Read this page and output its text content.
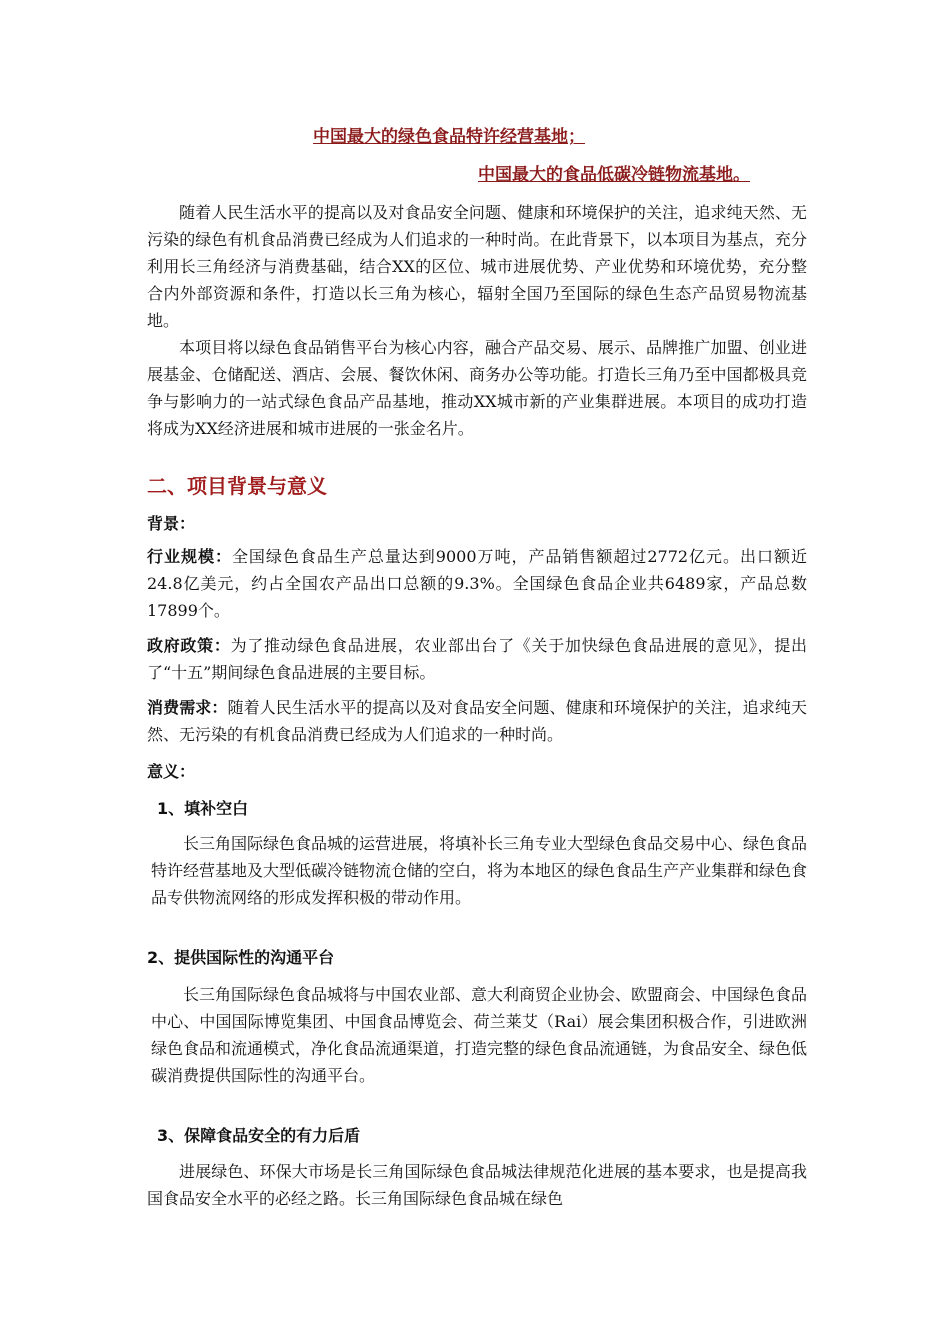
中国最大的绿色食品特许经营基地；
中国最大的食品低碳冷链物流基地。

随着人民生活水平的提高以及对食品安全问题、健康和环境保护的关注，追求纯天然、无污染的绿色有机食品消费已经成为人们追求的一种时尚。在此背景下，以本项目为基点，充分利用长三角经济与消费基础，结合XX的区位、城市进展优势、产业优势和环境优势，充分整合内外部资源和条件，打造以长三角为核心，辐射全国乃至国际的绿色生态产品贸易物流基地。

本项目将以绿色食品销售平台为核心内容，融合产品交易、展示、品牌推广加盟、创业进展基金、仓储配送、酒店、会展、餐饮休闲、商务办公等功能。打造长三角乃至中国都极具竞争与影响力的一站式绿色食品产品基地，推动XX城市新的产业集群进展。本项目的成功打造将成为XX经济进展和城市进展的一张金名片。

二、项目背景与意义
背景：

行业规模：全国绿色食品生产总量达到9000万吨，产品销售额超过2772亿元。出口额近24.8亿美元，约占全国农产品出口总额的9.3%。全国绿色食品企业共6489家，产品总数17899个。

政府政策：为了推动绿色食品进展，农业部出台了《关于加快绿色食品进展的意见》，提出了“十五”期间绿色食品进展的主要目标。

消费需求：随着人民生活水平的提高以及对食品安全问题、健康和环境保护的关注，追求纯天然、无污染的有机食品消费已经成为人们追求的一种时尚。

意义：
1、填补空白

长三角国际绿色食品城的运营进展，将填补长三角专业大型绿色食品交易中心、绿色食品特许经营基地及大型低碳冷链物流仓储的空白，将为本地区的绿色食品生产产业集群和绿色食品专供物流网络的形成发挥积极的带动作用。

2、提供国际性的沟通平台

长三角国际绿色食品城将与中国农业部、意大利商贸企业协会、欧盟商会、中国绿色食品中心、中国国际博览集团、中国食品博览会、荷兰莱艾（Rai）展会集团积极合作，引进欧洲绿色食品和流通模式，净化食品流通渠道，打造完整的绿色食品流通链，为食品安全、绿色低碳消费提供国际性的沟通平台。

3、保障食品安全的有力后盾

进展绿色、环保大市场是长三角国际绿色食品城法律规范化进展的基本要求，也是提高我国食品安全水平的必经之路。长三角国际绿色食品城在绿色
